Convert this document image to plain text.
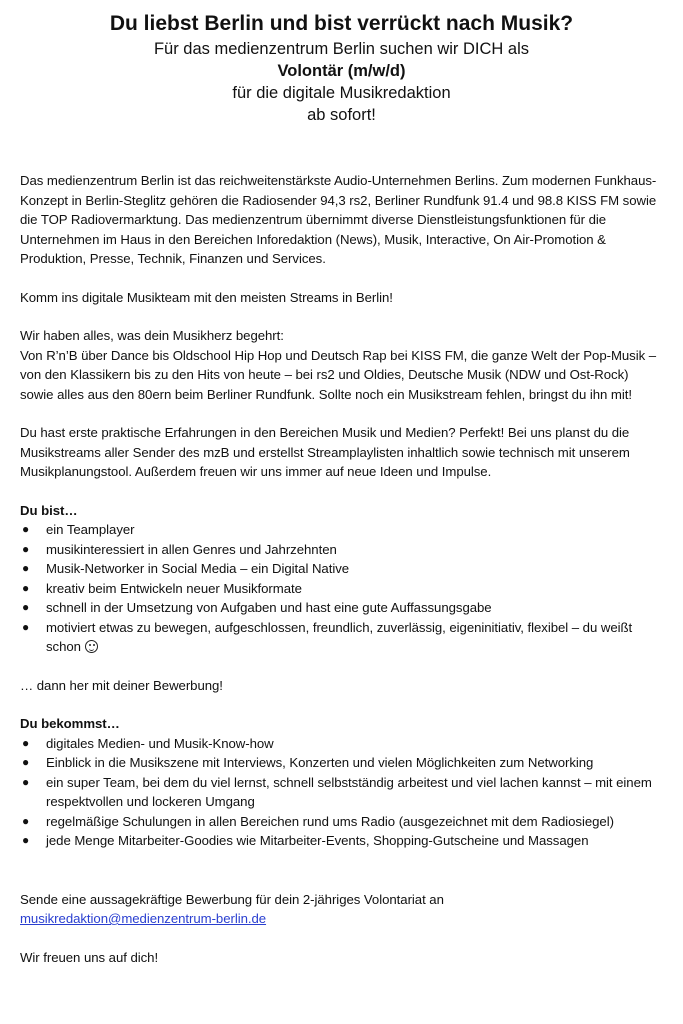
Du liebst Berlin und bist verrückt nach Musik?

Für das medienzentrum Berlin suchen wir DICH als

Volontär (m/w/d)

für die digitale Musikredaktion

ab sofort!

Das medienzentrum Berlin ist das reichweitenstärkste Audio-Unternehmen Berlins. Zum modernen Funkhaus-Konzept in Berlin-Steglitz gehören die Radiosender 94,3 rs2, Berliner Rundfunk 91.4 und 98.8 KISS FM sowie die TOP Radiovermarktung. Das medienzentrum übernimmt diverse Dienstleistungsfunktionen für die Unternehmen im Haus in den Bereichen Inforedaktion (News), Musik, Interactive, On Air-Promotion & Produktion, Presse, Technik, Finanzen und Services.

Komm ins digitale Musikteam mit den meisten Streams in Berlin!

Wir haben alles, was dein Musikherz begehrt:
Von R’n’B über Dance bis Oldschool Hip Hop und Deutsch Rap bei KISS FM, die ganze Welt der Pop-Musik – von den Klassikern bis zu den Hits von heute – bei rs2 und Oldies, Deutsche Musik (NDW und Ost-Rock) sowie alles aus den 80ern beim Berliner Rundfunk. Sollte noch ein Musikstream fehlen, bringst du ihn mit!

Du hast erste praktische Erfahrungen in den Bereichen Musik und Medien? Perfekt! Bei uns planst du die Musikstreams aller Sender des mzB und erstellst Streamplaylisten inhaltlich sowie technisch mit unserem Musikplanungstool. Außerdem freuen wir uns immer auf neue Ideen und Impulse.

Du bist…

● ein Teamplayer
● musikinteressiert in allen Genres und Jahrzehnten
● Musik-Networker in Social Media – ein Digital Native
● kreativ beim Entwickeln neuer Musikformate
● schnell in der Umsetzung von Aufgaben und hast eine gute Auffassungsgabe
● motiviert etwas zu bewegen, aufgeschlossen, freundlich, zuverlässig, eigeninitiativ, flexibel – du weißt schon

… dann her mit deiner Bewerbung!

Du bekommst…

● digitales Medien- und Musik-Know-how
● Einblick in die Musikszene mit Interviews, Konzerten und vielen Möglichkeiten zum Networking
● ein super Team, bei dem du viel lernst, schnell selbstständig arbeitest und viel lachen kannst – mit einem respektvollen und lockeren Umgang
● regelmäßige Schulungen in allen Bereichen rund ums Radio (ausgezeichnet mit dem Radiosiegel)
● jede Menge Mitarbeiter-Goodies wie Mitarbeiter-Events, Shopping-Gutscheine und Massagen

Sende eine aussagekräftige Bewerbung für dein 2-jähriges Volontariat an
musikredaktion@medienzentrum-berlin.de

Wir freuen uns auf dich!
